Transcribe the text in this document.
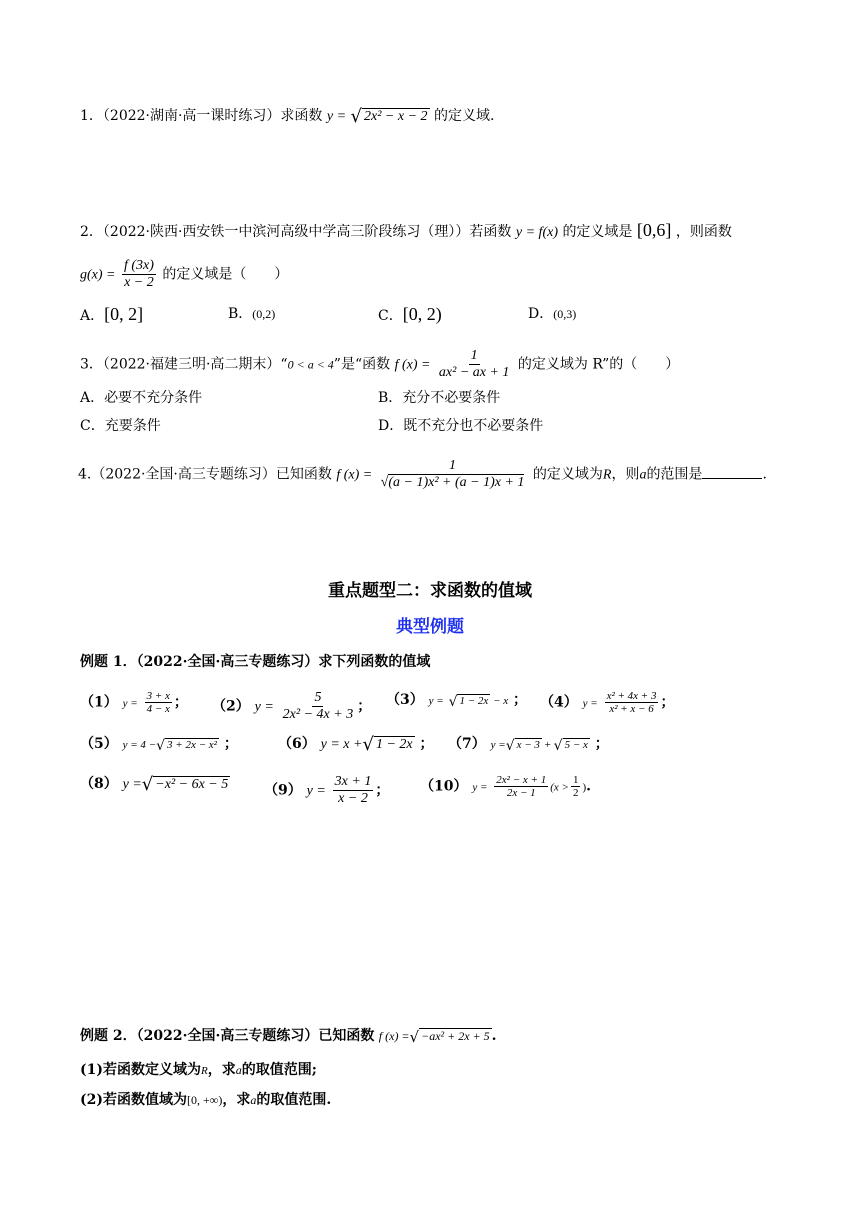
1．（2022·湖南·高一课时练习）求函数 y = √ 2x² − x − 2 的定义域.
2．（2022·陕西·西安铁一中滨河高级中学高三阶段练习（理））若函数 y = f(x) 的定义域是 [0,6] ，则函数
$g(x) = \frac{f (3x)}{x - 2}$ 的定义域是（　　）
A．[0, 2]	B．(0,2)	C．[0, 2)	D．(0,3)
3．（2022·福建三明·高二期末）“0 < a < 4”是“函数 f $(x) = \frac{1}{\text{ax² − ax + 1}}$ 的定义域为 R”的（　　）
A．必要不充分条件	B．充分不必要条件
C．充要条件	D．既不充分也不必要条件
4.（2022·全国·高三专题练习）已知函数 f $(x) = \frac{1}{\text{√(a − 1)x² + (a − 1)x + 1}}$ 的定义域为R，则a的范围是	.
重点题型二：求函数的值域
典型例题
例题 1．（2022·全国·高三专题练习）求下列函数的值域
（1） $y = \frac{3 + x}{4 - x}$ ； （2） $y = \frac{5}{\text{2x² − 4x + 3}}$ ； （3） y = √ 1 − 2x − x ； （4） $y = \frac{\text{x² + 4x + 3}}{\text{x² + x − 6}}$ ；
（5） y = 4 −√ 3 + 2x − x² ；	（6） y = x +√ 1 − 2x ； （7） y =√ x − 3 + √ 5 − x ；
（8） y =√ −x² − 6x − 5	（9） $y = \frac{3x + 1}{x - 2}$ ； （10） $y = \frac{\text{2x² − x + 1}}{2x - 1} (x > \frac{1}{2}$ ).
例题 2．（2022·全国·高三专题练习）已知函数 f (x) =√ −ax² + 2x + 5 .
(1)若函数定义域为R，求a的取值范围;
(2)若函数值域为[0, +∞)，求a的取值范围.
